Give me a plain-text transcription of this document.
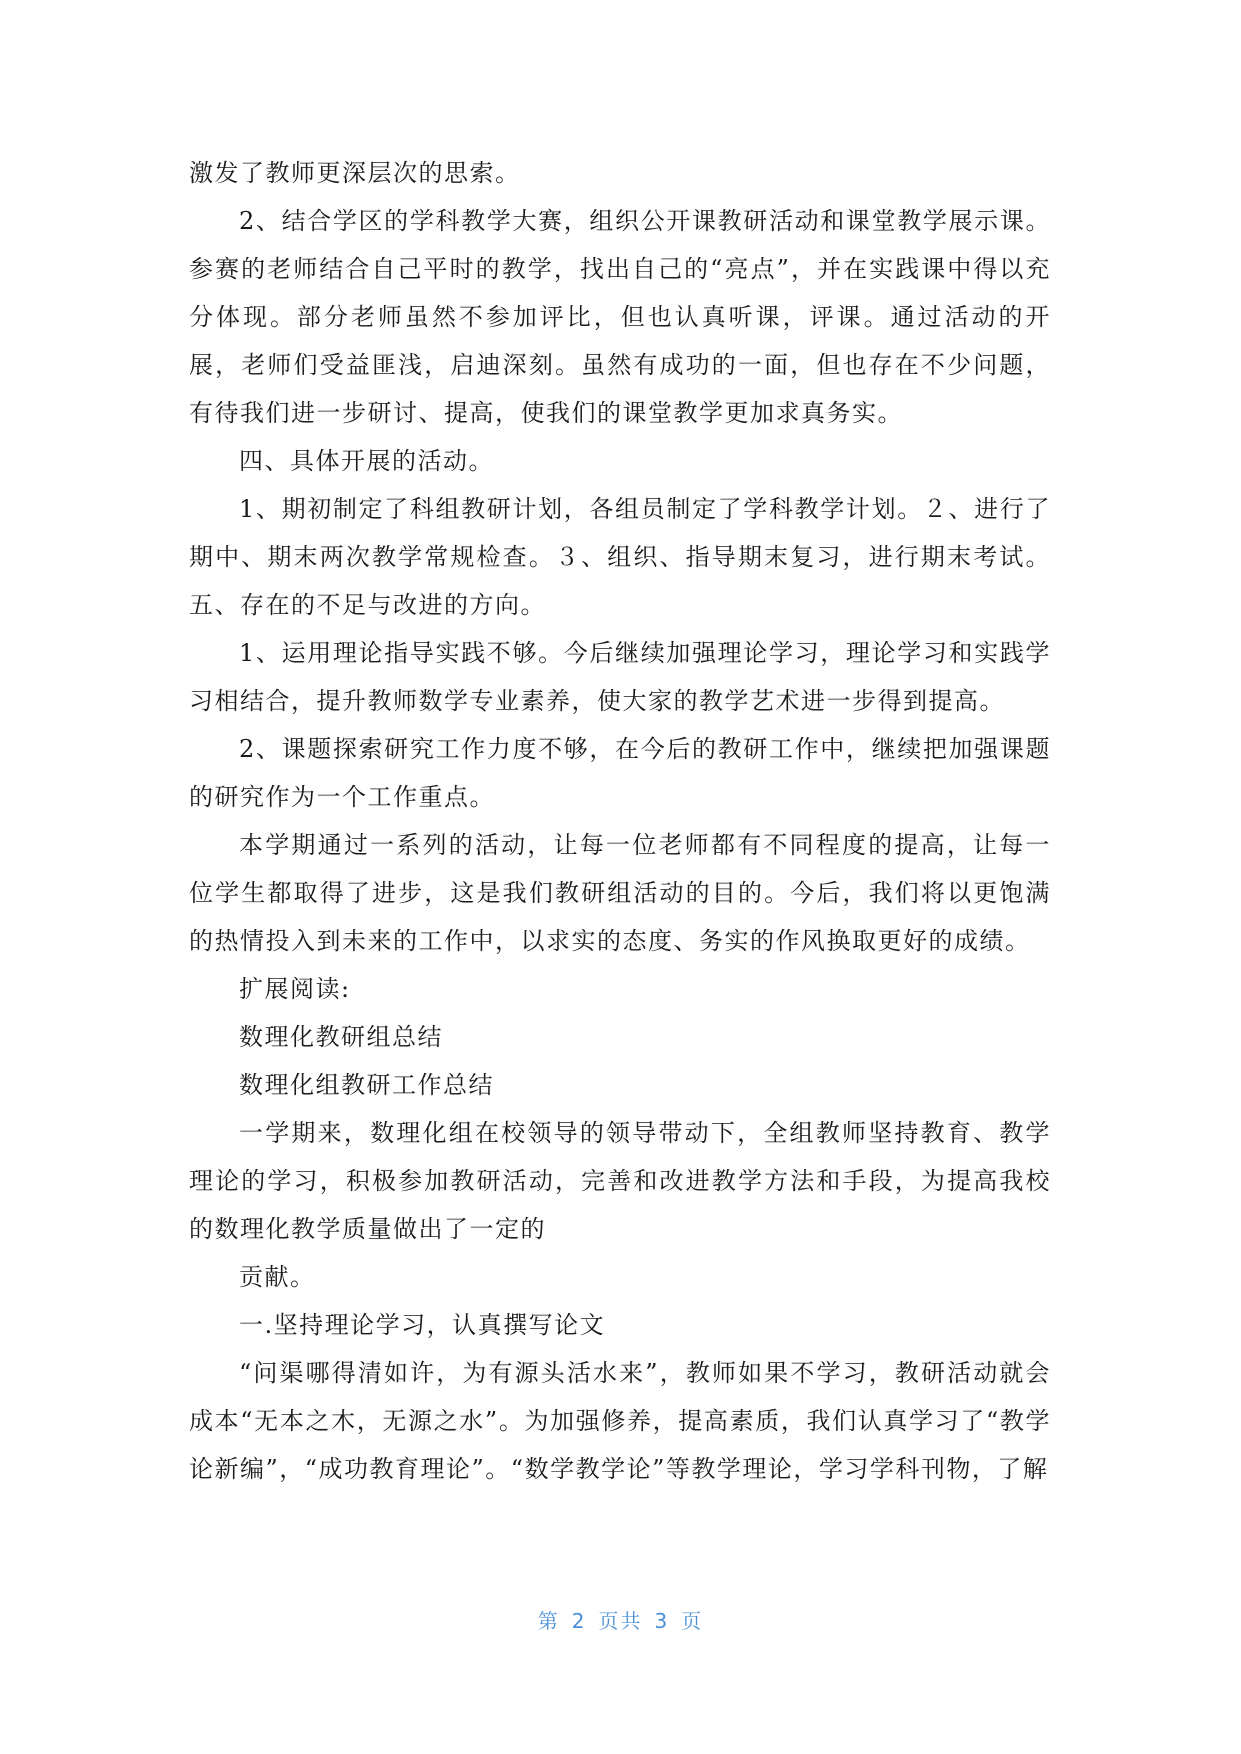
激发了教师更深层次的思索。

2、结合学区的学科教学大赛，组织公开课教研活动和课堂教学展示课。参赛的老师结合自己平时的教学，找出自己的“亮点”，并在实践课中得以充分体现。部分老师虽然不参加评比，但也认真听课，评课。通过活动的开展，老师们受益匪浅，启迪深刻。虽然有成功的一面，但也存在不少问题，有待我们进一步研讨、提高，使我们的课堂教学更加求真务实。

四、具体开展的活动。

1、期初制定了科组教研计划，各组员制定了学科教学计划。２、进行了期中、期末两次教学常规检查。３、组织、指导期末复习，进行期末考试。五、存在的不足与改进的方向。

1、运用理论指导实践不够。今后继续加强理论学习，理论学习和实践学习相结合，提升教师数学专业素养，使大家的教学艺术进一步得到提高。

2、课题探索研究工作力度不够，在今后的教研工作中，继续把加强课题的研究作为一个工作重点。

本学期通过一系列的活动，让每一位老师都有不同程度的提高，让每一位学生都取得了进步，这是我们教研组活动的目的。今后，我们将以更饱满的热情投入到未来的工作中，以求实的态度、务实的作风换取更好的成绩。

扩展阅读:

数理化教研组总结

数理化组教研工作总结

一学期来，数理化组在校领导的领导带动下，全组教师坚持教育、教学理论的学习，积极参加教研活动，完善和改进教学方法和手段，为提高我校的数理化教学质量做出了一定的

贡献。

一.坚持理论学习，认真撰写论文

“问渠哪得清如许，为有源头活水来”，教师如果不学习，教研活动就会成本“无本之木，无源之水”。为加强修养，提高素质，我们认真学习了“教学论新编”，“成功教育理论”。“数学教学论”等教学理论，学习学科刊物，了解

第 2 页共 3 页
